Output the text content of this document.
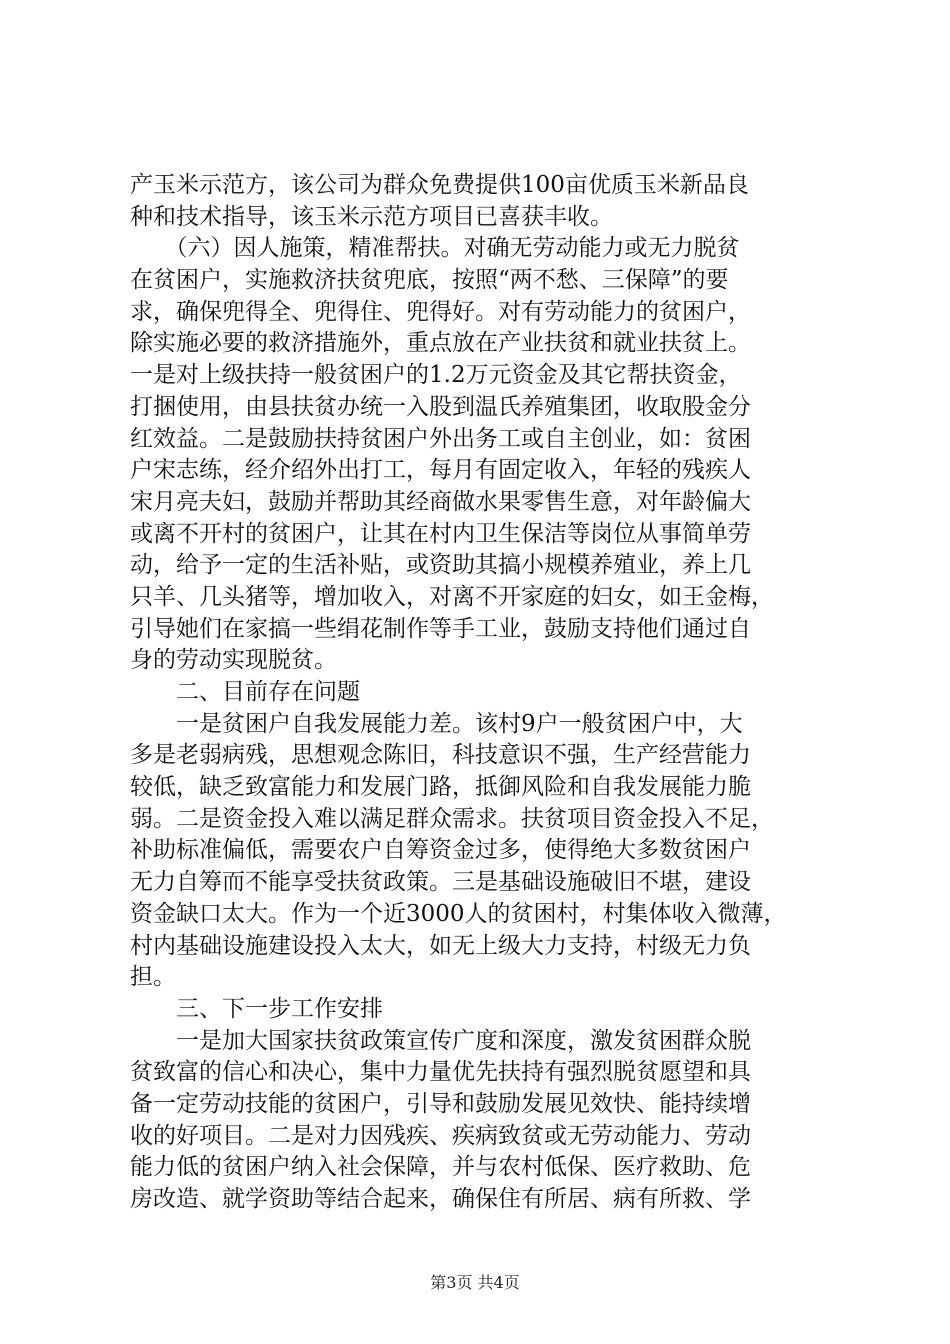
产玉米示范方，该公司为群众免费提供100亩优质玉米新品良
种和技术指导，该玉米示范方项目已喜获丰收。
　　（六）因人施策，精准帮扶。对确无劳动能力或无力脱贫
在贫困户，实施救济扶贫兜底，按照“两不愁、三保障”的要
求，确保兜得全、兜得住、兜得好。对有劳动能力的贫困户，
除实施必要的救济措施外，重点放在产业扶贫和就业扶贫上。
一是对上级扶持一般贫困户的1.2万元资金及其它帮扶资金，
打捆使用，由县扶贫办统一入股到温氏养殖集团，收取股金分
红效益。二是鼓励扶持贫困户外出务工或自主创业，如：贫困
户宋志练，经介绍外出打工，每月有固定收入，年轻的残疾人
宋月亮夫妇，鼓励并帮助其经商做水果零售生意，对年龄偏大
或离不开村的贫困户，让其在村内卫生保洁等岗位从事简单劳
动，给予一定的生活补贴，或资助其搞小规模养殖业，养上几
只羊、几头猪等，增加收入，对离不开家庭的妇女，如王金梅，
引导她们在家搞一些绢花制作等手工业，鼓励支持他们通过自
身的劳动实现脱贫。
　　二、目前存在问题
　　一是贫困户自我发展能力差。该村9户一般贫困户中，大
多是老弱病残，思想观念陈旧，科技意识不强，生产经营能力
较低，缺乏致富能力和发展门路，抵御风险和自我发展能力脆
弱。二是资金投入难以满足群众需求。扶贫项目资金投入不足，
补助标准偏低，需要农户自筹资金过多，使得绝大多数贫困户
无力自筹而不能享受扶贫政策。三是基础设施破旧不堪，建设
资金缺口太大。作为一个近3000人的贫困村，村集体收入微薄，
村内基础设施建设投入太大，如无上级大力支持，村级无力负
担。
　　三、下一步工作安排
　　一是加大国家扶贫政策宣传广度和深度，激发贫困群众脱
贫致富的信心和决心，集中力量优先扶持有强烈脱贫愿望和具
备一定劳动技能的贫困户，引导和鼓励发展见效快、能持续增
收的好项目。二是对力因残疾、疾病致贫或无劳动能力、劳动
能力低的贫困户纳入社会保障，并与农村低保、医疗救助、危
房改造、就学资助等结合起来，确保住有所居、病有所救、学
第3页 共4页
